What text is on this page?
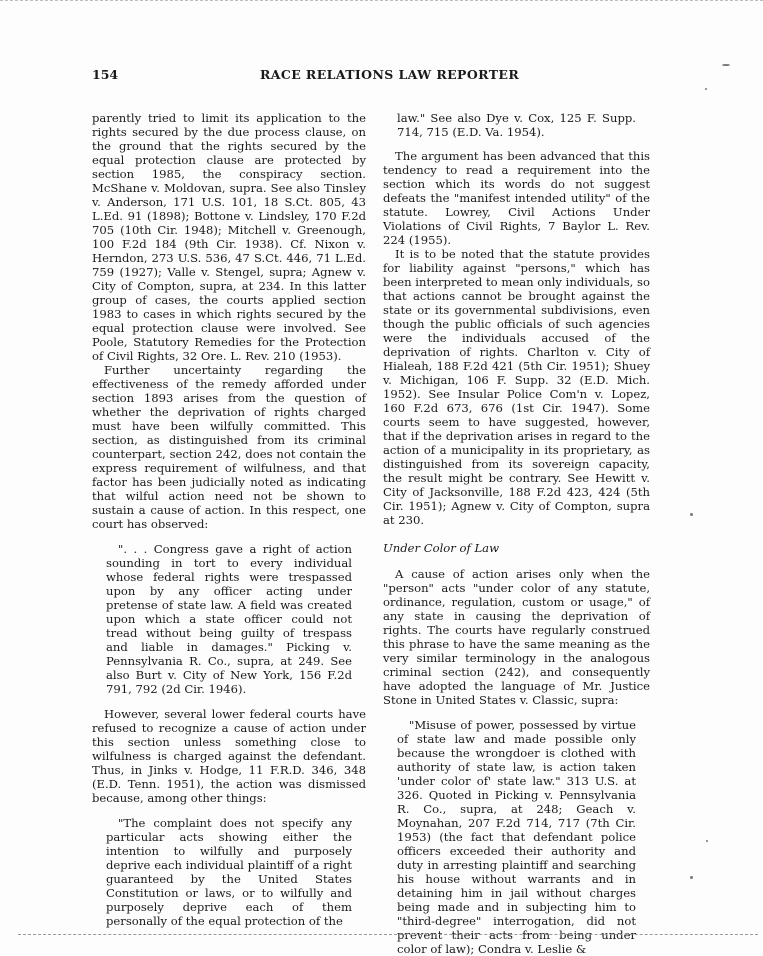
154	RACE RELATIONS LAW REPORTER

parently tried to limit its application to the rights secured by the due process clause, on the ground that the rights secured by the equal protection clause are protected by section 1985, the conspiracy section. McShane v. Moldovan, supra. See also Tinsley v. Anderson, 171 U.S. 101, 18 S.Ct. 805, 43 L.Ed. 91 (1898); Bottone v. Lindsley, 170 F.2d 705 (10th Cir. 1948); Mitchell v. Greenough, 100 F.2d 184 (9th Cir. 1938). Cf. Nixon v. Herndon, 273 U.S. 536, 47 S.Ct. 446, 71 L.Ed. 759 (1927); Valle v. Stengel, supra; Agnew v. City of Compton, supra, at 234. In this latter group of cases, the courts applied section 1983 to cases in which rights secured by the equal protection clause were involved. See Poole, Statutory Remedies for the Protection of Civil Rights, 32 Ore. L. Rev. 210 (1953).

Further uncertainty regarding the effectiveness of the remedy afforded under section 1893 arises from the question of whether the deprivation of rights charged must have been wilfully committed. This section, as distinguished from its criminal counterpart, section 242, does not contain the express requirement of wilfulness, and that factor has been judicially noted as indicating that wilful action need not be shown to sustain a cause of action. In this respect, one court has observed:

". . . Congress gave a right of action sounding in tort to every individual whose federal rights were trespassed upon by any officer acting under pretense of state law. A field was created upon which a state officer could not tread without being guilty of trespass and liable in damages." Picking v. Pennsylvania R. Co., supra, at 249. See also Burt v. City of New York, 156 F.2d 791, 792 (2d Cir. 1946).

However, several lower federal courts have refused to recognize a cause of action under this section unless something close to wilfulness is charged against the defendant. Thus, in Jinks v. Hodge, 11 F.R.D. 346, 348 (E.D. Tenn. 1951), the action was dismissed because, among other things:

"The complaint does not specify any particular acts showing either the intention to wilfully and purposely deprive each individual plaintiff of a right guaranteed by the United States Constitution or laws, or to wilfully and purposely deprive each of them personally of the equal protection of the

law." See also Dye v. Cox, 125 F. Supp. 714, 715 (E.D. Va. 1954).

The argument has been advanced that this tendency to read a requirement into the section which its words do not suggest defeats the "manifest intended utility" of the statute. Lowrey, Civil Actions Under Violations of Civil Rights, 7 Baylor L. Rev. 224 (1955).

It is to be noted that the statute provides for liability against "persons," which has been interpreted to mean only individuals, so that actions cannot be brought against the state or its governmental subdivisions, even though the public officials of such agencies were the individuals accused of the deprivation of rights. Charlton v. City of Hialeah, 188 F.2d 421 (5th Cir. 1951); Shuey v. Michigan, 106 F. Supp. 32 (E.D. Mich. 1952). See Insular Police Com'n v. Lopez, 160 F.2d 673, 676 (1st Cir. 1947). Some courts seem to have suggested, however, that if the deprivation arises in regard to the action of a municipality in its proprietary, as distinguished from its sovereign capacity, the result might be contrary. See Hewitt v. City of Jacksonville, 188 F.2d 423, 424 (5th Cir. 1951); Agnew v. City of Compton, supra at 230.

Under Color of Law

A cause of action arises only when the "person" acts "under color of any statute, ordinance, regulation, custom or usage," of any state in causing the deprivation of rights. The courts have regularly construed this phrase to have the same meaning as the very similar terminology in the analogous criminal section (242), and consequently have adopted the language of Mr. Justice Stone in United States v. Classic, supra:

"Misuse of power, possessed by virtue of state law and made possible only because the wrongdoer is clothed with authority of state law, is action taken 'under color of' state law." 313 U.S. at 326. Quoted in Picking v. Pennsylvania R. Co., supra, at 248; Geach v. Moynahan, 207 F.2d 714, 717 (7th Cir. 1953) (the fact that defendant police officers exceeded their authority and duty in arresting plaintiff and searching his house without warrants and in detaining him in jail without charges being made and in subjecting him to "third-degree" interrogation, did not prevent their acts from being under color of law); Condra v. Leslie &
